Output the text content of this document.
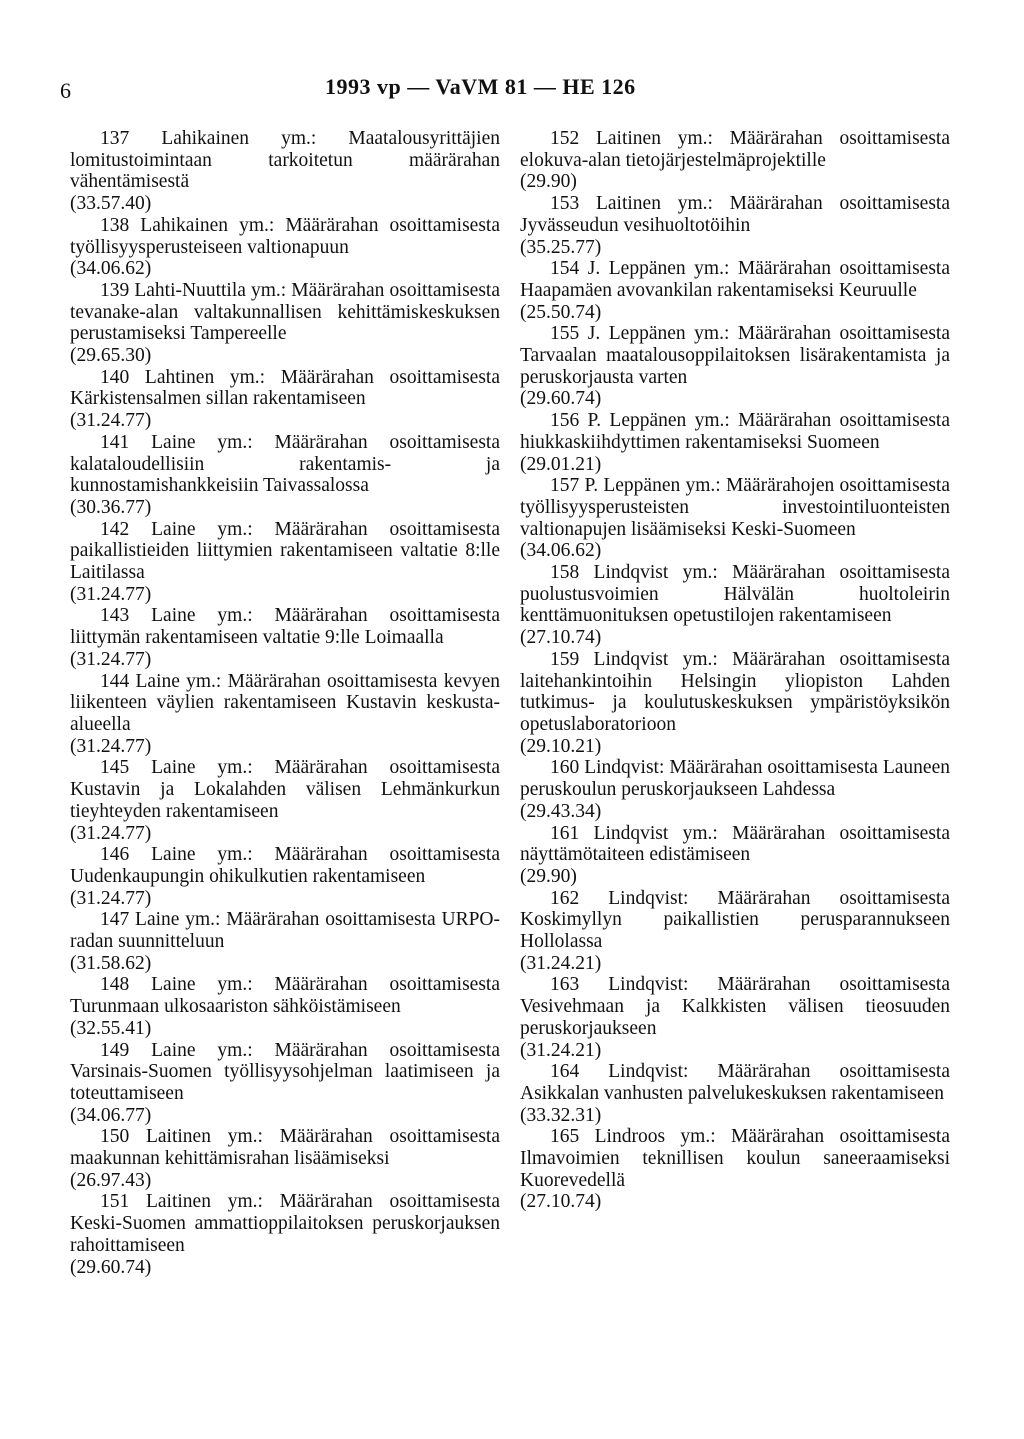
6	1993 vp — VaVM 81 — HE 126
137 Lahikainen ym.: Maatalousyrittäjien lomitustoimintaan tarkoitetun määrärahan vähentämisestä
(33.57.40)
138 Lahikainen ym.: Määrärahan osoittamisesta työllisyysperusteiseen valtionapuun
(34.06.62)
139 Lahti-Nuuttila ym.: Määrärahan osoittamisesta tevanake-alan valtakunnallisen kehittämiskeskuksen perustamiseksi Tampereelle
(29.65.30)
140 Lahtinen ym.: Määrärahan osoittamisesta Kärkistensalmen sillan rakentamiseen
(31.24.77)
141 Laine ym.: Määrärahan osoittamisesta kalataloudellisiin rakentamis- ja kunnostamishankkeisiin Taivassalossa
(30.36.77)
142 Laine ym.: Määrärahan osoittamisesta paikallistieiden liittymien rakentamiseen valtatie 8:lle Laitilassa
(31.24.77)
143 Laine ym.: Määrärahan osoittamisesta liittymän rakentamiseen valtatie 9:lle Loimaalla
(31.24.77)
144 Laine ym.: Määrärahan osoittamisesta kevyen liikenteen väylien rakentamiseen Kustavin keskusta-alueella
(31.24.77)
145 Laine ym.: Määrärahan osoittamisesta Kustavin ja Lokalahden välisen Lehmänkurkun tieyhteyden rakentamiseen
(31.24.77)
146 Laine ym.: Määrärahan osoittamisesta Uudenkaupungin ohikulkutien rakentamiseen
(31.24.77)
147 Laine ym.: Määrärahan osoittamisesta URPO-radan suunnitteluun
(31.58.62)
148 Laine ym.: Määrärahan osoittamisesta Turunmaan ulkosaariston sähköistämiseen
(32.55.41)
149 Laine ym.: Määrärahan osoittamisesta Varsinais-Suomen työllisyysohjelman laatimiseen ja toteuttamiseen
(34.06.77)
150 Laitinen ym.: Määrärahan osoittamisesta maakunnan kehittämisrahan lisäämiseksi
(26.97.43)
151 Laitinen ym.: Määrärahan osoittamisesta Keski-Suomen ammattioppilaitoksen peruskorjauksen rahoittamiseen
(29.60.74)
152 Laitinen ym.: Määrärahan osoittamisesta elokuva-alan tietojärjestelmäprojektille
(29.90)
153 Laitinen ym.: Määrärahan osoittamisesta Jyvässeudun vesihuoltotöihin
(35.25.77)
154 J. Leppänen ym.: Määrärahan osoittamisesta Haapamäen avovankilan rakentamiseksi Keuruulle
(25.50.74)
155 J. Leppänen ym.: Määrärahan osoittamisesta Tarvaalan maatalousoppilaitoksen lisärakentamista ja peruskorjausta varten
(29.60.74)
156 P. Leppänen ym.: Määrärahan osoittamisesta hiukkaskiihdyttimen rakentamiseksi Suomeen
(29.01.21)
157 P. Leppänen ym.: Määrärahojen osoittamisesta työllisyysperusteisten investointiluonteisten valtionapujen lisäämiseksi Keski-Suomeen
(34.06.62)
158 Lindqvist ym.: Määrärahan osoittamisesta puolustusvoimien Hälvälän huoltoleirin kenttämuonituksen opetustilojen rakentamiseen
(27.10.74)
159 Lindqvist ym.: Määrärahan osoittamisesta laitehankintoihin Helsingin yliopiston Lahden tutkimus- ja koulutuskeskuksen ympäristöyksikön opetuslaboratorioon
(29.10.21)
160 Lindqvist: Määrärahan osoittamisesta Launeen peruskoulun peruskorjaukseen Lahdessa
(29.43.34)
161 Lindqvist ym.: Määrärahan osoittamisesta näyttämötaiteen edistämiseen
(29.90)
162 Lindqvist: Määrärahan osoittamisesta Koskimyllyn paikallistien perusparannukseen Hollolassa
(31.24.21)
163 Lindqvist: Määrärahan osoittamisesta Vesivehmaan ja Kalkkisten välisen tieosuuden peruskorjaukseen
(31.24.21)
164 Lindqvist: Määrärahan osoittamisesta Asikkalan vanhusten palvelukeskuksen rakentamiseen
(33.32.31)
165 Lindroos ym.: Määrärahan osoittamisesta Ilmavoimien teknillisen koulun saneeraamiseksi Kuorevedellä
(27.10.74)
